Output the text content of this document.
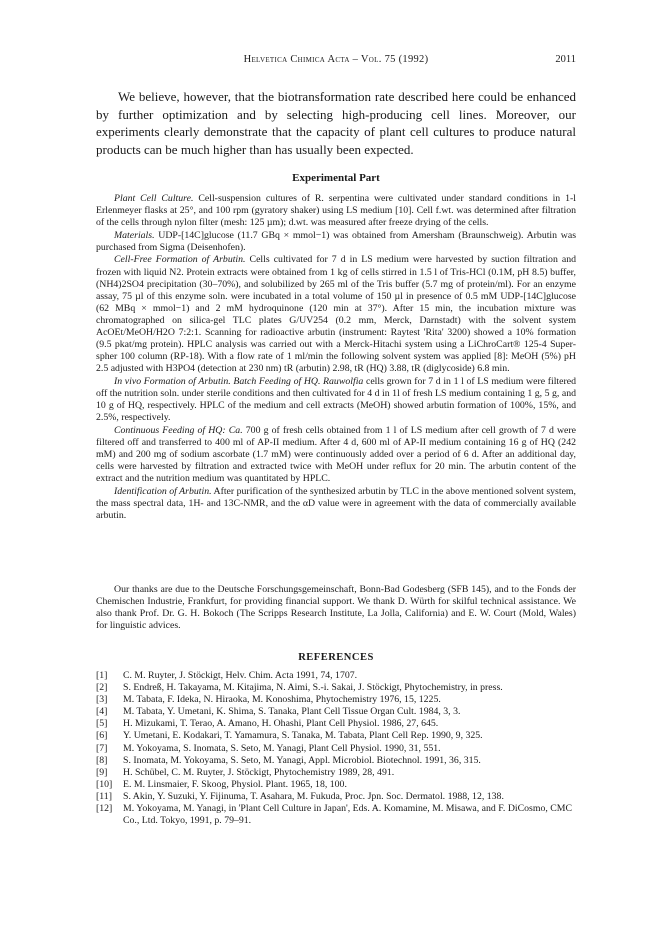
Helvetica Chimica Acta – Vol. 75 (1992)	2011

We believe, however, that the biotransformation rate described here could be enhanced by further optimization and by selecting high-producing cell lines. Moreover, our experiments clearly demonstrate that the capacity of plant cell cultures to produce natural products can be much higher than has usually been expected.

Experimental Part

Plant Cell Culture. Cell-suspension cultures of R. serpentina were cultivated under standard conditions in 1-l Erlenmeyer flasks at 25°, and 100 rpm (gyratory shaker) using LS medium [10]. Cell f.wt. was determined after filtration of the cells through nylon filter (mesh: 125 µm); d.wt. was measured after freeze drying of the cells.

Materials. UDP-[14C]glucose (11.7 GBq × mmol−1) was obtained from Amersham (Braunschweig). Arbutin was purchased from Sigma (Deisenhofen).

Cell-Free Formation of Arbutin. Cells cultivated for 7 d in LS medium were harvested by suction filtration and frozen with liquid N2. Protein extracts were obtained from 1 kg of cells stirred in 1.5 l of Tris-HCl (0.1M, pH 8.5) buffer, (NH4)2SO4 precipitation (30–70%), and solubilized by 265 ml of the Tris buffer (5.7 mg of protein/ml). For an enzyme assay, 75 µl of this enzyme soln. were incubated in a total volume of 150 µl in presence of 0.5 mM UDP-[14C]glucose (62 MBq × mmol−1) and 2 mM hydroquinone (120 min at 37°). After 15 min, the incubation mixture was chromatographed on silica-gel TLC plates G/UV254 (0.2 mm, Merck, Darnstadt) with the solvent system AcOEt/MeOH/H2O 7:2:1. Scanning for radioactive arbutin (instrument: Raytest 'Rita' 3200) showed a 10% formation (9.5 pkat/mg protein). HPLC analysis was carried out with a Merck-Hitachi system using a LiChroCart® 125-4 Super-spher 100 column (RP-18). With a flow rate of 1 ml/min the following solvent system was applied [8]: MeOH (5%) pH 2.5 adjusted with H3PO4 (detection at 230 nm) tR (arbutin) 2.98, tR (HQ) 3.88, tR (diglycoside) 6.8 min.

In vivo Formation of Arbutin. Batch Feeding of HQ. Rauwolfia cells grown for 7 d in 1 l of LS medium were filtered off the nutrition soln. under sterile conditions and then cultivated for 4 d in 1l of fresh LS medium containing 1 g, 5 g, and 10 g of HQ, respectively. HPLC of the medium and cell extracts (MeOH) showed arbutin formation of 100%, 15%, and 2.5%, respectively.

Continuous Feeding of HQ: Ca. 700 g of fresh cells obtained from 1 l of LS medium after cell growth of 7 d were filtered off and transferred to 400 ml of AP-II medium. After 4 d, 600 ml of AP-II medium containing 16 g of HQ (242 mM) and 200 mg of sodium ascorbate (1.7 mM) were continuously added over a period of 6 d. After an additional day, cells were harvested by filtration and extracted twice with MeOH under reflux for 20 min. The arbutin content of the extract and the nutrition medium was quantitated by HPLC.

Identification of Arbutin. After purification of the synthesized arbutin by TLC in the above mentioned solvent system, the mass spectral data, 1H- and 13C-NMR, and the αD value were in agreement with the data of commercially available arbutin.

Our thanks are due to the Deutsche Forschungsgemeinschaft, Bonn-Bad Godesberg (SFB 145), and to the Fonds der Chemischen Industrie, Frankfurt, for providing financial support. We thank D. Würth for skilful technical assistance. We also thank Prof. Dr. G. H. Bokoch (The Scripps Research Institute, La Jolla, California) and E. W. Court (Mold, Wales) for linguistic advices.

REFERENCES
[1] C. M. Ruyter, J. Stöckigt, Helv. Chim. Acta 1991, 74, 1707.
[2] S. Endreß, H. Takayama, M. Kitajima, N. Aimi, S.-i. Sakai, J. Stöckigt, Phytochemistry, in press.
[3] M. Tabata, F. Ideka, N. Hiraoka, M. Konoshima, Phytochemistry 1976, 15, 1225.
[4] M. Tabata, Y. Umetani, K. Shima, S. Tanaka, Plant Cell Tissue Organ Cult. 1984, 3, 3.
[5] H. Mizukami, T. Terao, A. Amano, H. Ohashi, Plant Cell Physiol. 1986, 27, 645.
[6] Y. Umetani, E. Kodakari, T. Yamamura, S. Tanaka, M. Tabata, Plant Cell Rep. 1990, 9, 325.
[7] M. Yokoyama, S. Inomata, S. Seto, M. Yanagi, Plant Cell Physiol. 1990, 31, 551.
[8] S. Inomata, M. Yokoyama, S. Seto, M. Yanagi, Appl. Microbiol. Biotechnol. 1991, 36, 315.
[9] H. Schübel, C. M. Ruyter, J. Stöckigt, Phytochemistry 1989, 28, 491.
[10] E. M. Linsmaier, F. Skoog, Physiol. Plant. 1965, 18, 100.
[11] S. Akin, Y. Suzuki, Y. Fijinuma, T. Asahara, M. Fukuda, Proc. Jpn. Soc. Dermatol. 1988, 12, 138.
[12] M. Yokoyama, M. Yanagi, in 'Plant Cell Culture in Japan', Eds. A. Komamine, M. Misawa, and F. DiCosmo, CMC Co., Ltd. Tokyo, 1991, p. 79–91.
